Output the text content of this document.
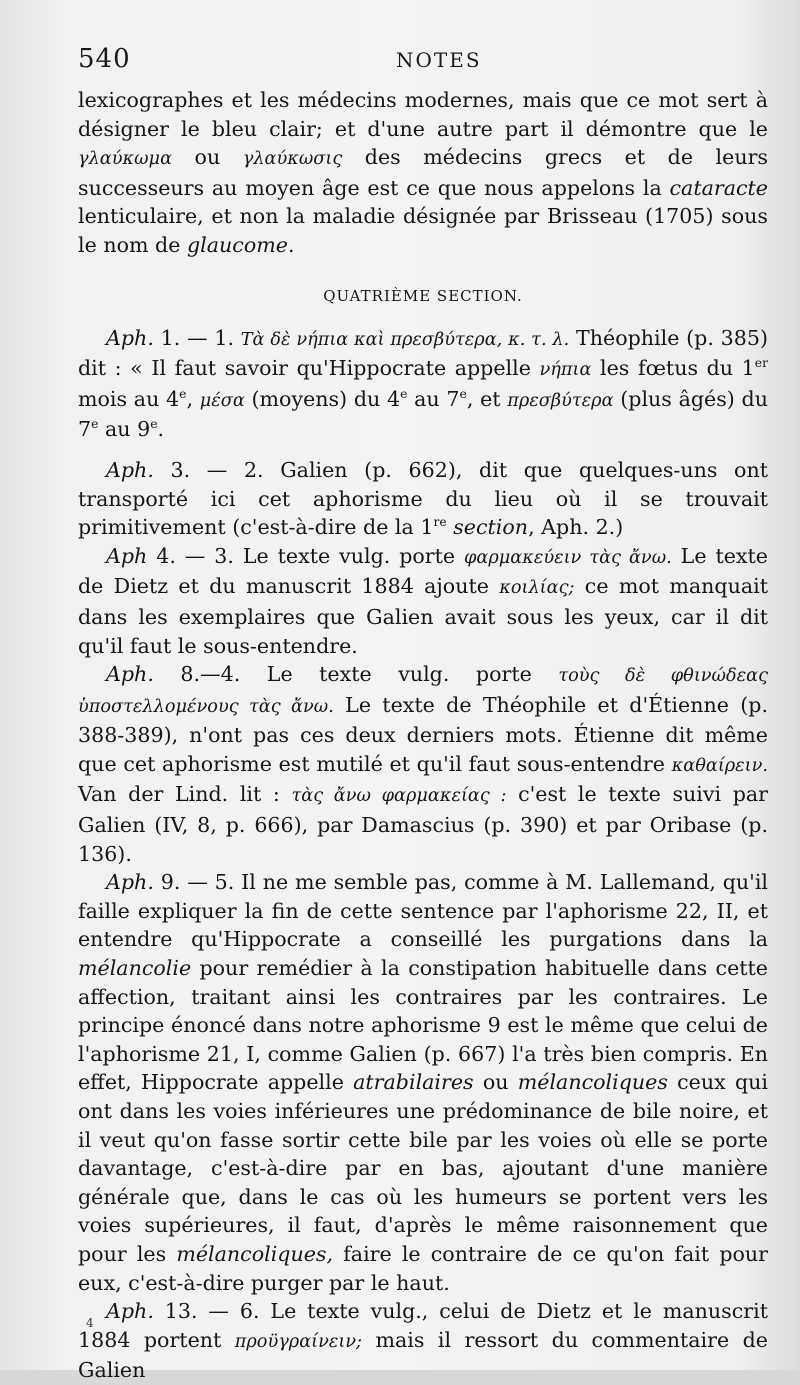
540	NOTES

lexicographes et les médecins modernes, mais que ce mot sert à désigner le bleu clair; et d'une autre part il démontre que le γλαύκωμα ou γλαύκωσις des médecins grecs et de leurs successeurs au moyen âge est ce que nous appelons la cataracte lenticulaire, et non la maladie désignée par Brisseau (1705) sous le nom de glaucome.

QUATRIÈME SECTION.

Aph. 1. — 1. Τὰ δὲ νήπια καὶ πρεσβύτερα, κ. τ. λ. Théophile (p. 385) dit : « Il faut savoir qu'Hippocrate appelle νήπια les fœtus du 1er mois au 4e, μέσα (moyens) du 4e au 7e, et πρεσβύτερα (plus âgés) du 7e au 9e.

Aph. 3. — 2. Galien (p. 662), dit que quelques-uns ont transporté ici cet aphorisme du lieu où il se trouvait primitivement (c'est-à-dire de la 1re section, Aph. 2.)

Aph 4. — 3. Le texte vulg. porte φαρμακεύειν τὰς ἄνω. Le texte de Dietz et du manuscrit 1884 ajoute κοιλίας; ce mot manquait dans les exemplaires que Galien avait sous les yeux, car il dit qu'il faut le sous-entendre.

Aph. 8.—4. Le texte vulg. porte τοὺς δὲ φθινώδεας ὑποστελλομένους τὰς ἄνω. Le texte de Théophile et d'Étienne (p. 388-389), n'ont pas ces deux derniers mots. Étienne dit même que cet aphorisme est mutilé et qu'il faut sous-entendre καθαίρειν. Van der Lind. lit : τὰς ἄνω φαρμακείας : c'est le texte suivi par Galien (IV, 8, p. 666), par Damascius (p. 390) et par Oribase (p. 136).

Aph. 9. — 5. Il ne me semble pas, comme à M. Lallemand, qu'il faille expliquer la fin de cette sentence par l'aphorisme 22, II, et entendre qu'Hippocrate a conseillé les purgations dans la mélancolie pour remédier à la constipation habituelle dans cette affection, traitant ainsi les contraires par les contraires. Le principe énoncé dans notre aphorisme 9 est le même que celui de l'aphorisme 21, I, comme Galien (p. 667) l'a très bien compris. En effet, Hippocrate appelle atrabilaires ou mélancoliques ceux qui ont dans les voies inférieures une prédominance de bile noire, et il veut qu'on fasse sortir cette bile par les voies où elle se porte davantage, c'est-à-dire par en bas, ajoutant d'une manière générale que, dans le cas où les humeurs se portent vers les voies supérieures, il faut, d'après le même raisonnement que pour les mélancoliques, faire le contraire de ce qu'on fait pour eux, c'est-à-dire purger par le haut.

Aph. 13. — 6. Le texte vulg., celui de Dietz et le manuscrit 1884 portent προϋγραίνειν; mais il ressort du commentaire de Galien

4
